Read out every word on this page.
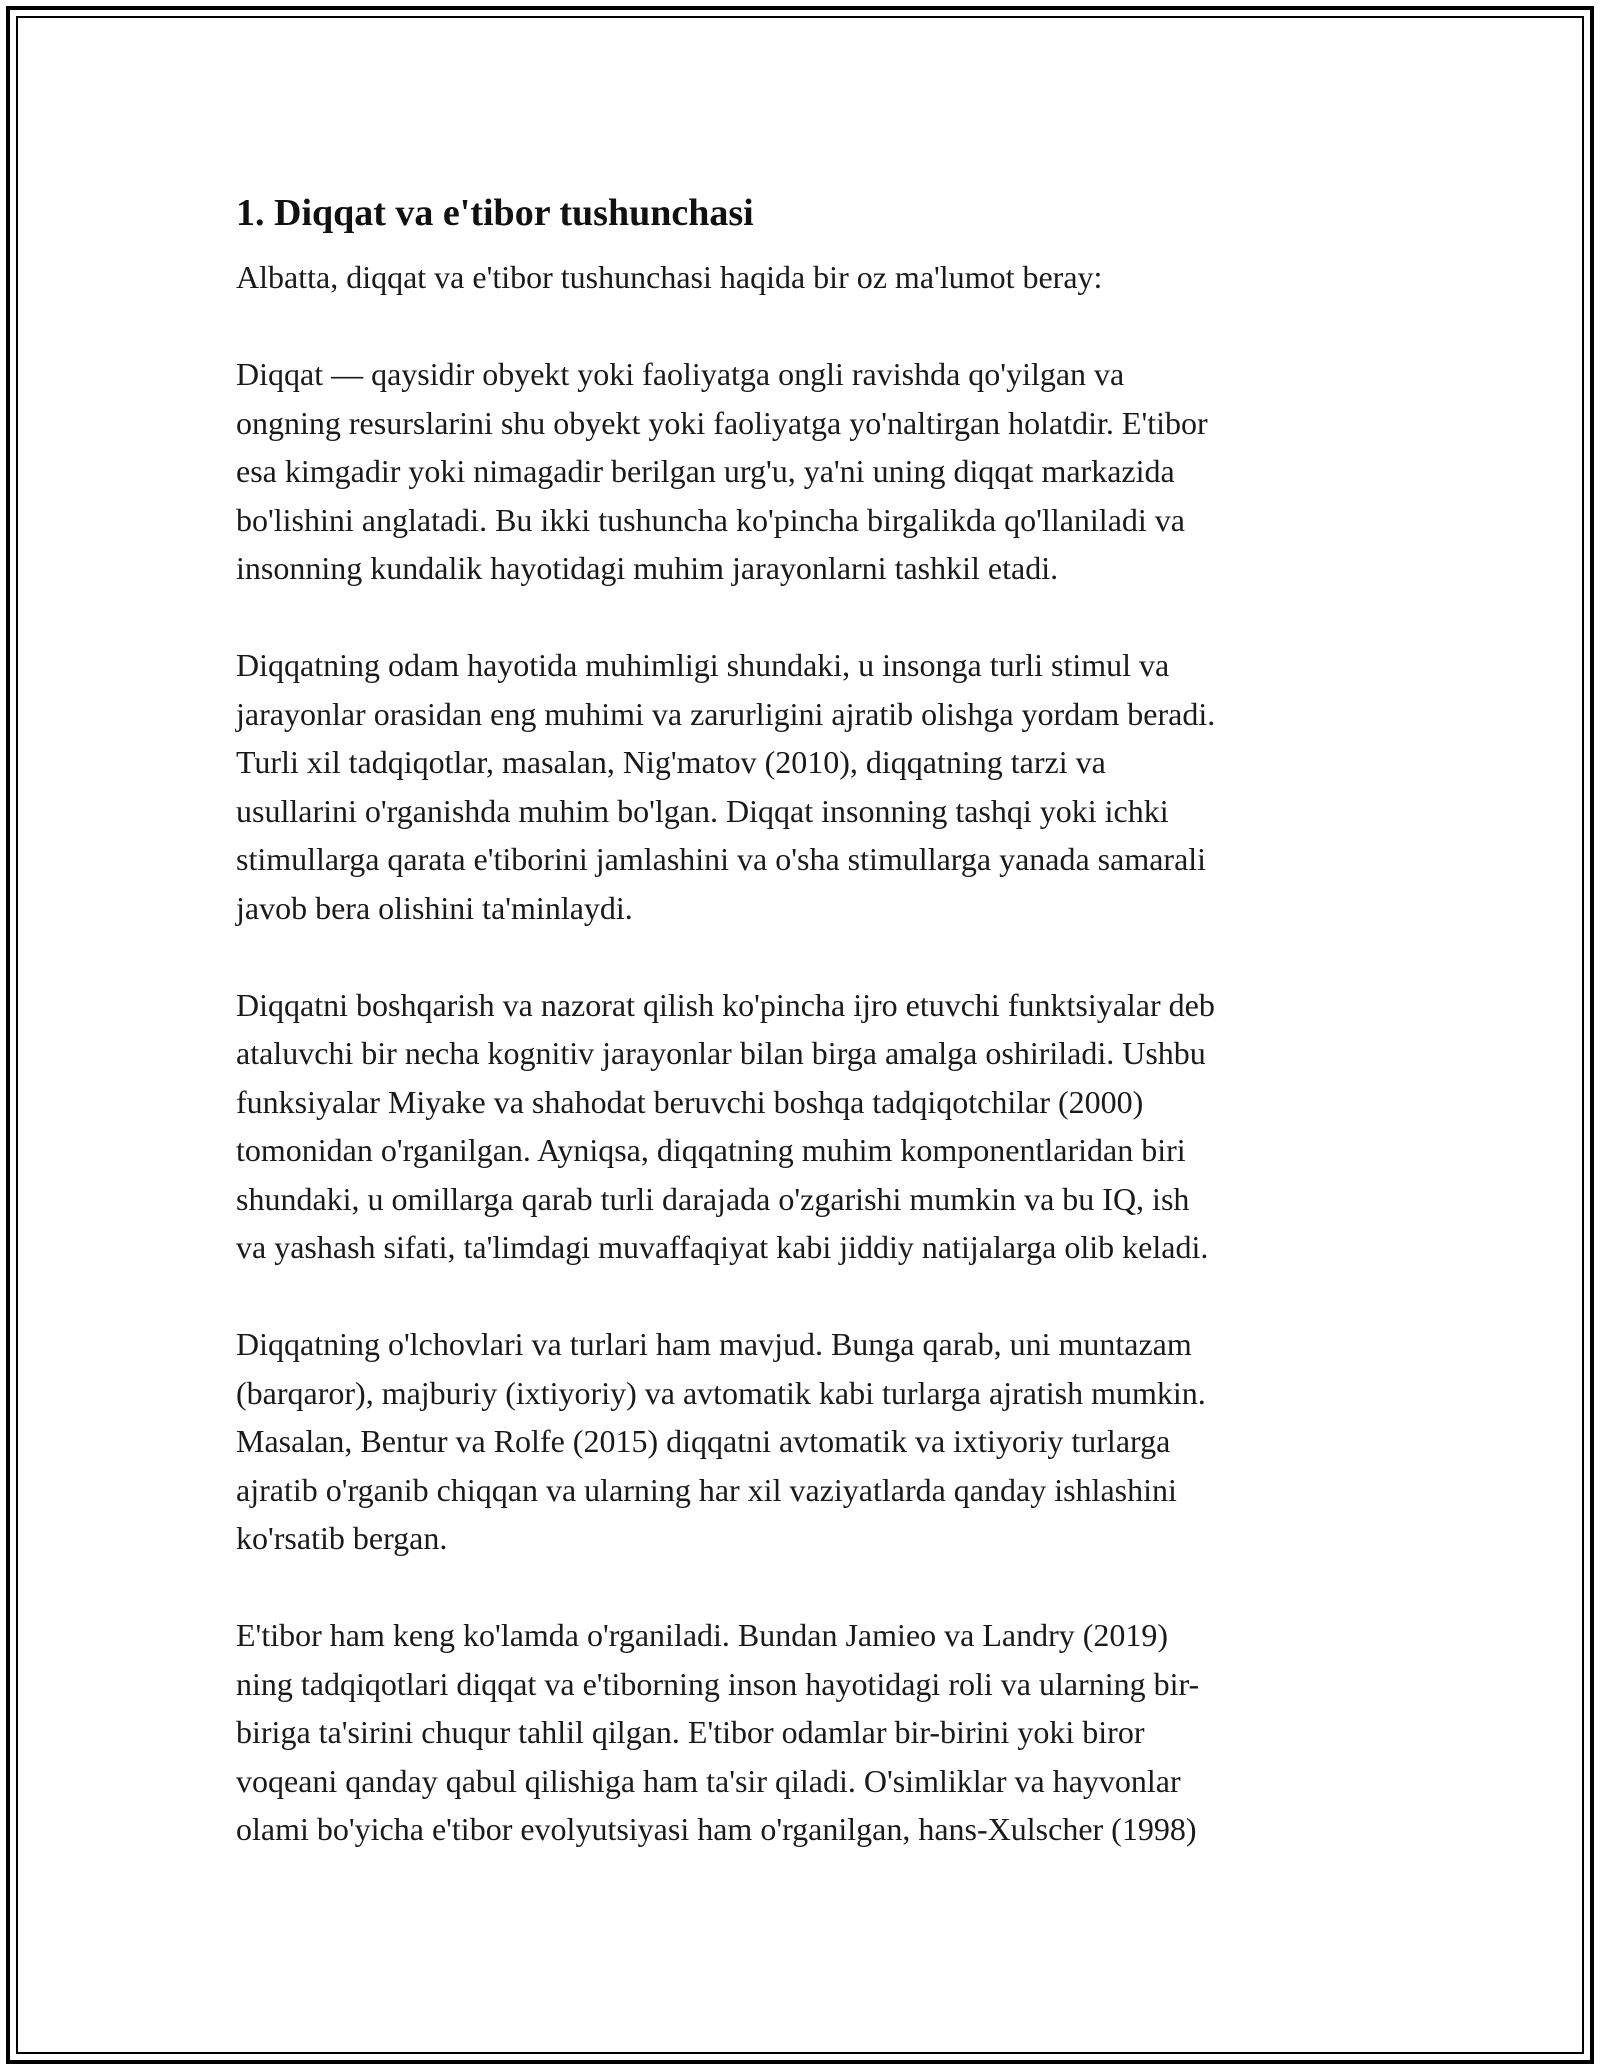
1. Diqqat va e'tibor tushunchasi

Albatta, diqqat va e'tibor tushunchasi haqida bir oz ma'lumot beray:

Diqqat — qaysidir obyekt yoki faoliyatga ongli ravishda qo'yilgan va
ongning resurslarini shu obyekt yoki faoliyatga yo'naltirgan holatdir. E'tibor
esa kimgadir yoki nimagadir berilgan urg'u, ya'ni uning diqqat markazida
bo'lishini anglatadi. Bu ikki tushuncha ko'pincha birgalikda qo'llaniladi va
insonning kundalik hayotidagi muhim jarayonlarni tashkil etadi.

Diqqatning odam hayotida muhimligi shundaki, u insonga turli stimul va
jarayonlar orasidan eng muhimi va zarurligini ajratib olishga yordam beradi.
Turli xil tadqiqotlar, masalan, Nig'matov (2010), diqqatning tarzi va
usullarini o'rganishda muhim bo'lgan. Diqqat insonning tashqi yoki ichki
stimullarga qarata e'tiborini jamlashini va o'sha stimullarga yanada samarali
javob bera olishini ta'minlaydi.

Diqqatni boshqarish va nazorat qilish ko'pincha ijro etuvchi funktsiyalar deb
ataluvchi bir necha kognitiv jarayonlar bilan birga amalga oshiriladi. Ushbu
funksiyalar Miyake va shahodat beruvchi boshqa tadqiqotchilar (2000)
tomonidan o'rganilgan. Ayniqsa, diqqatning muhim komponentlaridan biri
shundaki, u omillarga qarab turli darajada o'zgarishi mumkin va bu IQ, ish
va yashash sifati, ta'limdagi muvaffaqiyat kabi jiddiy natijalarga olib keladi.

Diqqatning o'lchovlari va turlari ham mavjud. Bunga qarab, uni muntazam
(barqaror), majburiy (ixtiyoriy) va avtomatik kabi turlarga ajratish mumkin.
Masalan, Bentur va Rolfe (2015) diqqatni avtomatik va ixtiyoriy turlarga
ajratib o'rganib chiqqan va ularning har xil vaziyatlarda qanday ishlashini
ko'rsatib bergan.

E'tibor ham keng ko'lamda o'rganiladi. Bundan Jamieo va Landry (2019)
ning tadqiqotlari diqqat va e'tiborning inson hayotidagi roli va ularning bir-
biriga ta'sirini chuqur tahlil qilgan. E'tibor odamlar bir-birini yoki biror
voqeani qanday qabul qilishiga ham ta'sir qiladi. O'simliklar va hayvonlar
olami bo'yicha e'tibor evolyutsiyasi ham o'rganilgan, hans-Xulscher (1998)
